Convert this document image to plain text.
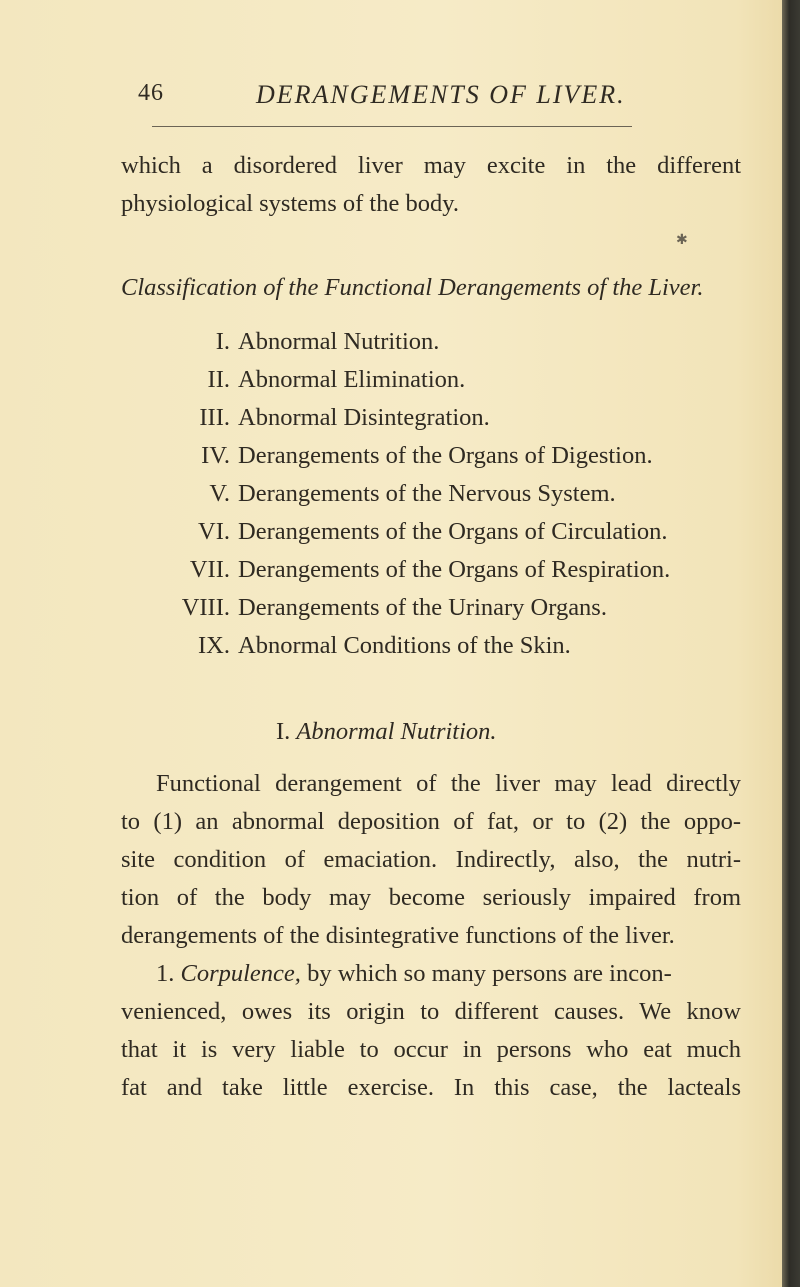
46	DERANGEMENTS OF LIVER.
which a disordered liver may excite in the different
physiological systems of the body.
✱
Classification of the Functional Derangements of the Liver.
I. Abnormal Nutrition.
II. Abnormal Elimination.
III. Abnormal Disintegration.
IV. Derangements of the Organs of Digestion.
V. Derangements of the Nervous System.
VI. Derangements of the Organs of Circulation.
VII. Derangements of the Organs of Respiration.
VIII. Derangements of the Urinary Organs.
IX. Abnormal Conditions of the Skin.
I. Abnormal Nutrition.
Functional derangement of the liver may lead directly
to (1) an abnormal deposition of fat, or to (2) the oppo-
site condition of emaciation. Indirectly, also, the nutri-
tion of the body may become seriously impaired from
derangements of the disintegrative functions of the liver.
1. Corpulence, by which so many persons are incon-
venienced, owes its origin to different causes. We know
that it is very liable to occur in persons who eat much
fat and take little exercise. In this case, the lacteals
